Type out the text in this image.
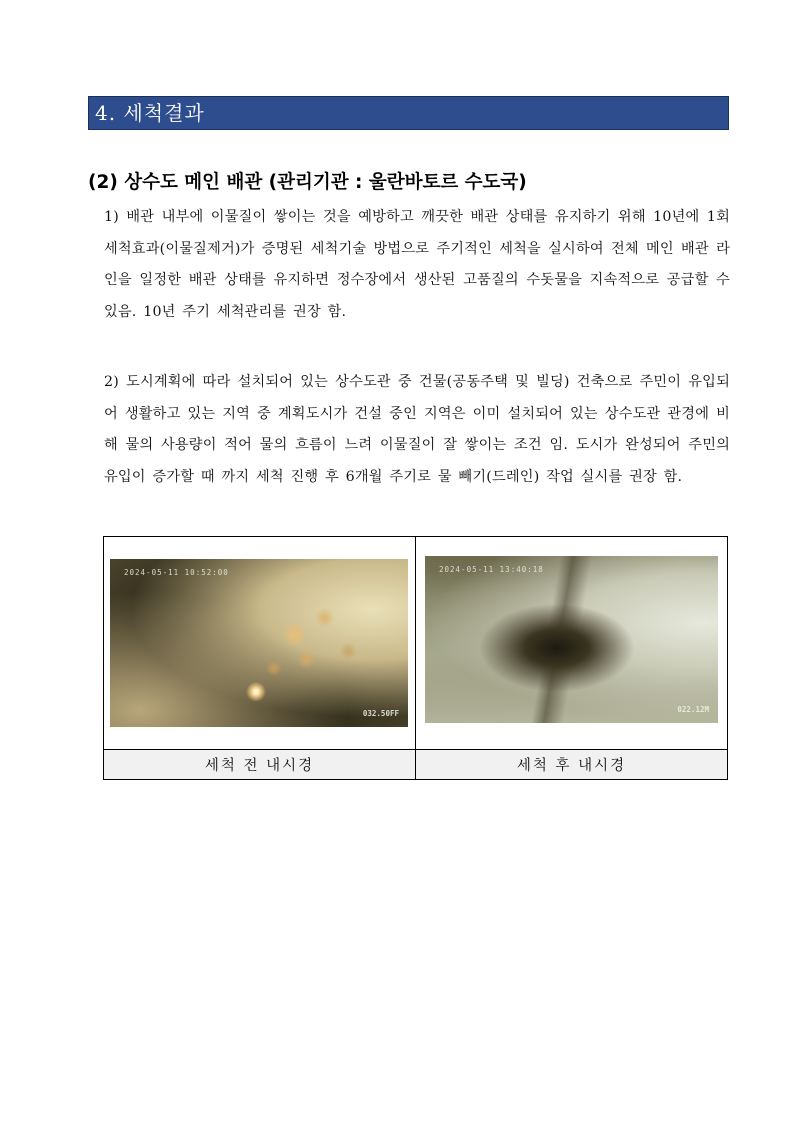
4. 세척결과
(2) 상수도 메인 배관 (관리기관 : 울란바토르 수도국)
1) 배관 내부에 이물질이 쌓이는 것을 예방하고 깨끗한 배관 상태를 유지하기 위해 10년에 1회 세척효과(이물질제거)가 증명된 세척기술 방법으로 주기적인 세척을 실시하여 전체 메인 배관 라인을 일정한 배관 상태를 유지하면 정수장에서 생산된 고품질의 수돗물을 지속적으로 공급할 수 있음. 10년 주기 세척관리를 권장 함.
2) 도시계획에 따라 설치되어 있는 상수도관 중 건물(공동주택 및 빌딩) 건축으로 주민이 유입되어 생활하고 있는 지역 중 계획도시가 건설 중인 지역은 이미 설치되어 있는 상수도관 관경에 비해 물의 사용량이 적어 물의 흐름이 느려 이물질이 잘 쌓이는 조건 임. 도시가 완성되어 주민의 유입이 증가할 때 까지 세척 진행 후 6개월 주기로 물 빼기(드레인) 작업 실시를 권장 함.
2024-05-11 10:52:00
032.50FF	2024-05-11 13:40:18
022.12M

세척 전 내시경	세척 후 내시경
